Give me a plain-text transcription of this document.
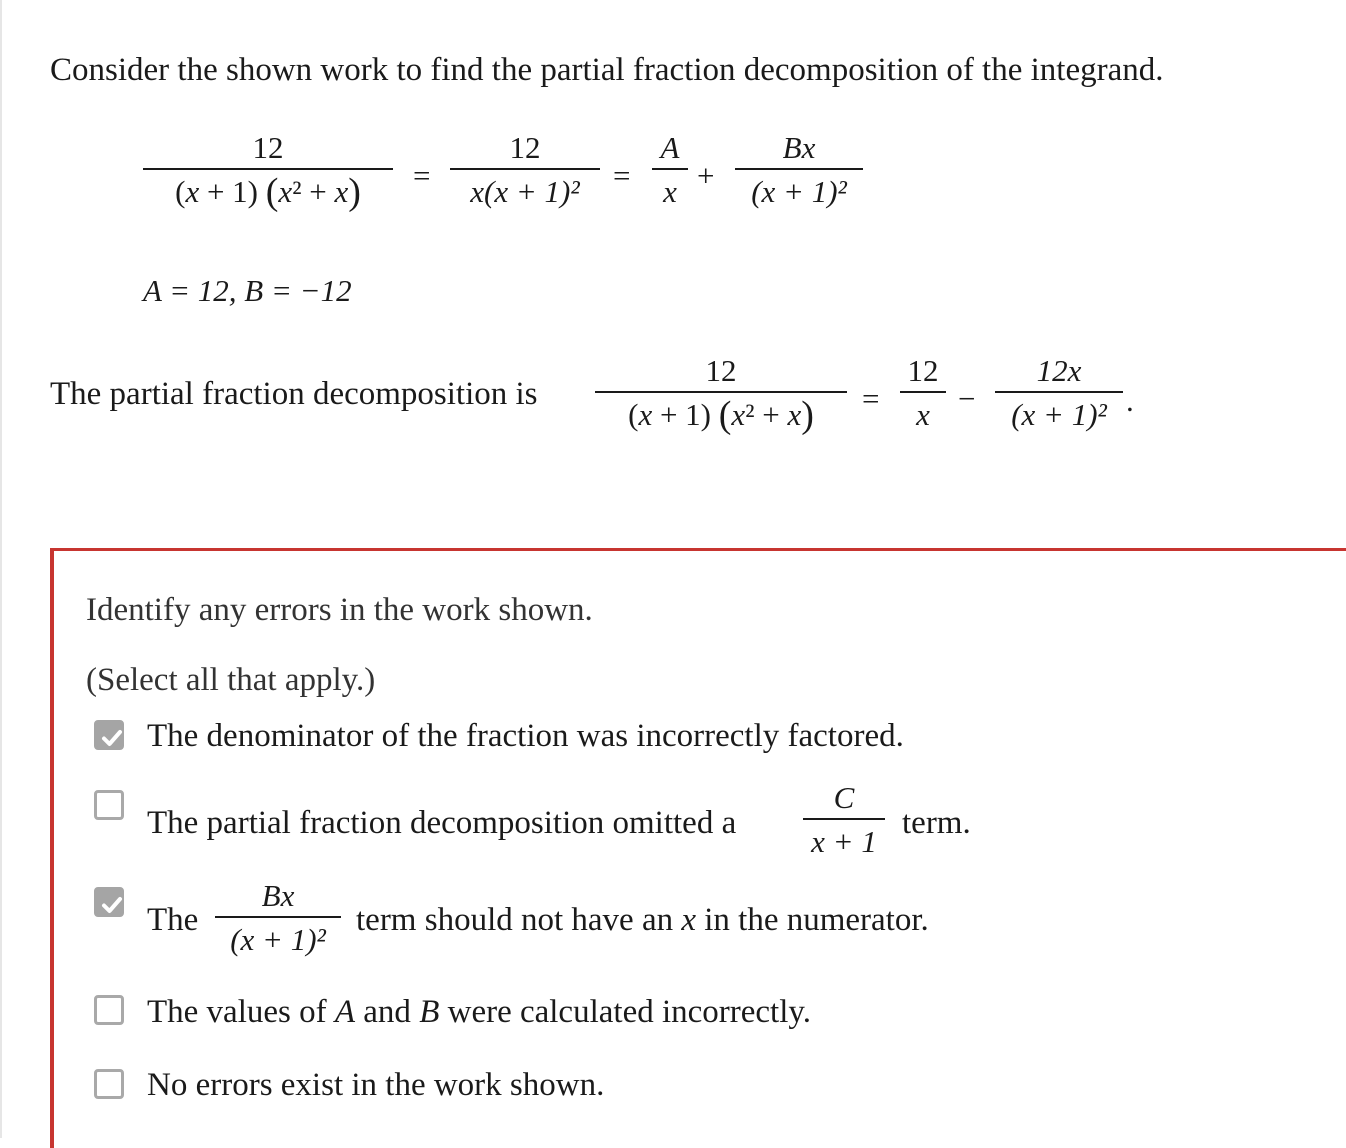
Consider the shown work to find the partial fraction decomposition of the integrand.
12
(x + 1) (x² + x) =
12
x(x + 1)² =
A
x +
Bx
(x + 1)²
A = 12, B = −12
The partial fraction decomposition is
12
(x + 1) (x² + x) =
12
x −
12x
(x + 1)² .
Identify any errors in the work shown.
(Select all that apply.)
The denominator of the fraction was incorrectly factored.
The partial fraction decomposition omitted a
C
x + 1
term.
The
Bx
(x + 1)²
term should not have an x in the numerator.
The values of A and B were calculated incorrectly.
No errors exist in the work shown.
